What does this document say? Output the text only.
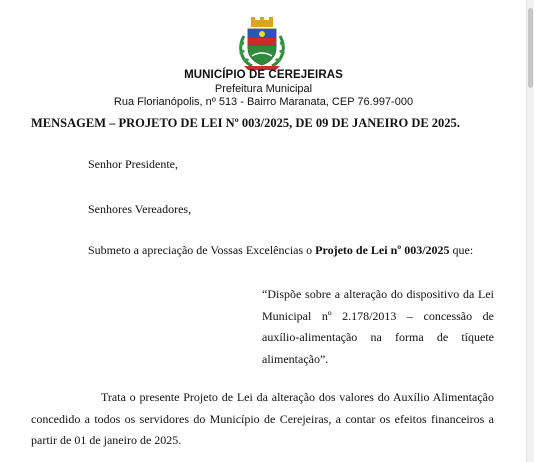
MUNICÍPIO DE CEREJEIRAS
Prefeitura Municipal
Rua Florianópolis, nº 513 - Bairro Maranata, CEP 76.997-000
MENSAGEM – PROJETO DE LEI Nº 003/2025, DE 09 DE JANEIRO DE 2025.
Senhor Presidente,
Senhores Vereadores,
Submeto a apreciação de Vossas Excelências o Projeto de Lei nº 003/2025 que:
“Dispõe sobre a alteração do dispositivo da Lei
Municipal nº 2.178/2013 – concessão de
auxílio-alimentação na forma de tíquete
alimentação”.
Trata o presente Projeto de Lei da alteração dos valores do Auxílio Alimentação
concedido a todos os servidores do Município de Cerejeiras, a contar os efeitos financeiros a
partir de 01 de janeiro de 2025.
